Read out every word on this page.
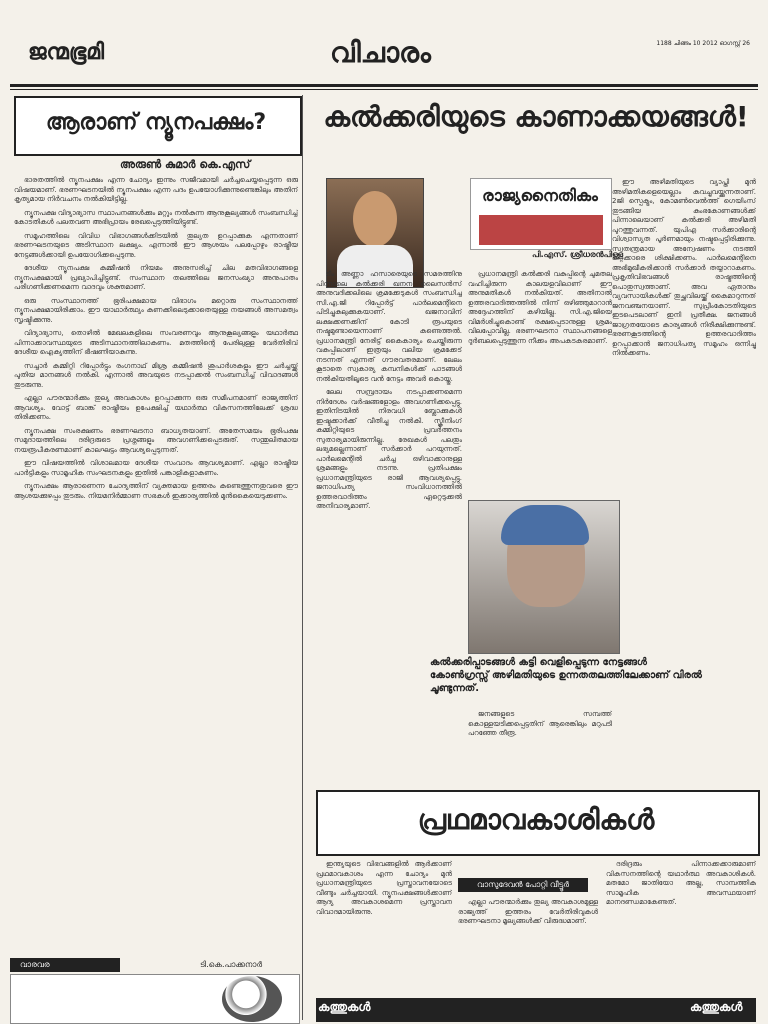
ജന്മഭൂമി	വിചാരം	1188 ചിങ്ങം 10 2012 ഓഗസ്റ്റ് 26
ആരാണ് ന്യൂനപക്ഷം?
അരുൺ കുമാർ കെ.എസ്

ഭാരതത്തിൽ ന്യൂനപക്ഷം എന്ന ചോദ്യം ഇന്നും സജീവമായി ചർച്ചചെയ്യപ്പെടുന്ന ഒരു വിഷയമാണ്. ഭരണഘടനയിൽ ന്യൂനപക്ഷം എന്ന പദം ഉപയോഗിക്കുന്നുണ്ടെങ്കിലും അതിന് കൃത്യമായ നിർവചനം നൽകിയിട്ടില്ല.

ന്യൂനപക്ഷ വിദ്യാഭ്യാസ സ്ഥാപനങ്ങൾക്കും മറ്റും നൽകുന്ന ആനുകൂല്യങ്ങൾ സംബന്ധിച്ച് കോടതികൾ പലതവണ അഭിപ്രായം രേഖപ്പെടുത്തിയിട്ടുണ്ട്.

സമൂഹത്തിലെ വിവിധ വിഭാഗങ്ങൾക്കിടയിൽ തുല്യത ഉറപ്പാക്കുക എന്നതാണ് ഭരണഘടനയുടെ അടിസ്ഥാന ലക്ഷ്യം. എന്നാൽ ഈ ആശയം പലപ്പോഴും രാഷ്ട്രീയ നേട്ടങ്ങൾക്കായി ഉപയോഗിക്കപ്പെടുന്നു.

ദേശീയ ന്യൂനപക്ഷ കമ്മീഷൻ നിയമം അനുസരിച്ച് ചില മതവിഭാഗങ്ങളെ ന്യൂനപക്ഷമായി പ്രഖ്യാപിച്ചിട്ടുണ്ട്. സംസ്ഥാന തലത്തിലെ ജനസംഖ്യാ അനുപാതം പരിഗണിക്കണമെന്ന വാദവും ശക്തമാണ്.

ഒരു സംസ്ഥാനത്ത് ഭൂരിപക്ഷമായ വിഭാഗം മറ്റൊരു സംസ്ഥാനത്ത് ന്യൂനപക്ഷമായിരിക്കാം. ഈ യാഥാർത്ഥ്യം കണക്കിലെടുക്കാതെയുള്ള നയങ്ങൾ അസമത്വം സൃഷ്ടിക്കുന്നു.

വിദ്യാഭ്യാസ, തൊഴിൽ മേഖലകളിലെ സംവരണവും ആനുകൂല്യങ്ങളും യഥാർത്ഥ പിന്നാക്കാവസ്ഥയുടെ അടിസ്ഥാനത്തിലാകണം. മതത്തിന്റെ പേരിലുള്ള വേർതിരിവ് ദേശീയ ഐക്യത്തിന് ഭീഷണിയാകുന്നു.

സച്ചാർ കമ്മിറ്റി റിപ്പോർട്ടും രംഗനാഥ് മിശ്ര കമ്മീഷൻ ശുപാർശകളും ഈ ചർച്ചയ്ക്ക് പുതിയ മാനങ്ങൾ നൽകി. എന്നാൽ അവയുടെ നടപ്പാക്കൽ സംബന്ധിച്ച് വിവാദങ്ങൾ തുടരുന്നു.

എല്ലാ പൗരന്മാർക്കും തുല്യ അവകാശം ഉറപ്പാക്കുന്ന ഒരു സമീപനമാണ് രാജ്യത്തിന് ആവശ്യം. വോട്ട് ബാങ്ക് രാഷ്ട്രീയം ഉപേക്ഷിച്ച് യഥാർത്ഥ വികസനത്തിലേക്ക് ശ്രദ്ധ തിരിക്കണം.

ന്യൂനപക്ഷ സംരക്ഷണം ഭരണഘടനാ ബാധ്യതയാണ്. അതേസമയം ഭൂരിപക്ഷ സമുദായത്തിലെ ദരിദ്രരുടെ പ്രശ്നങ്ങളും അവഗണിക്കപ്പെടരുത്. സന്തുലിതമായ നയരൂപീകരണമാണ് കാലഘട്ടം ആവശ്യപ്പെടുന്നത്.

ഈ വിഷയത്തിൽ വിശാലമായ ദേശീയ സംവാദം ആവശ്യമാണ്. എല്ലാ രാഷ്ട്രീയ പാർട്ടികളും സാമൂഹിക സംഘടനകളും ഇതിൽ പങ്കാളികളാകണം.

ന്യൂനപക്ഷം ആരാണെന്ന ചോദ്യത്തിന് വ്യക്തമായ ഉത്തരം കണ്ടെത്തുന്നതുവരെ ഈ ആശയക്കുഴപ്പം തുടരും. നിയമനിർമ്മാണ സഭകൾ ഇക്കാര്യത്തിൽ മുൻകൈയെടുക്കണം.

കൽക്കരിയുടെ കാണാക്കയങ്ങൾ!
രാജ്യനൈതികം
പി.എസ്. ശ്രീധരൻപിള്ള

ടീം അണ്ണാ ഹസാരെയുടെ സമരത്തിനു പിന്നാലെ കൽക്കരി ഖനന ലൈസൻസ് അനുവദിക്കലിലെ ക്രമക്കേടുകൾ സംബന്ധിച്ച സി.എ.ജി റിപ്പോർട്ട് പാർലമെന്റിനെ പിടിച്ചുകുലുക്കുകയാണ്. ഖജനാവിന് ലക്ഷക്കണക്കിന് കോടി രൂപയുടെ നഷ്ടമുണ്ടായെന്നാണ് കണ്ടെത്തൽ. പ്രധാനമന്ത്രി നേരിട്ട് കൈകാര്യം ചെയ്തിരുന്ന വകുപ്പിലാണ് ഇത്രയും വലിയ ക്രമക്കേട് നടന്നത് എന്നത് ഗൗരവതരമാണ്. ലേലം കൂടാതെ സ്വകാര്യ കമ്പനികൾക്ക് പാടങ്ങൾ നൽകിയതിലൂടെ വൻ നേട്ടം അവർ കൊയ്തു.

ലേല സമ്പ്രദായം നടപ്പാക്കണമെന്ന നിർദേശം വർഷങ്ങളോളം അവഗണിക്കപ്പെട്ടു. ഇതിനിടയിൽ നിരവധി ബ്ലോക്കുകൾ ഇഷ്ടക്കാർക്ക് വീതിച്ചു നൽകി. സ്ക്രീനിംഗ് കമ്മിറ്റിയുടെ പ്രവർത്തനം സുതാര്യമായിരുന്നില്ല. രേഖകൾ പലതും ലഭ്യമല്ലെന്നാണ് സർക്കാർ പറയുന്നത്. പാർലമെന്റിൽ ചർച്ച ഒഴിവാക്കാനുള്ള ശ്രമങ്ങളും നടന്നു. പ്രതിപക്ഷം പ്രധാനമന്ത്രിയുടെ രാജി ആവശ്യപ്പെട്ടു. ജനാധിപത്യ സംവിധാനത്തിൽ ഉത്തരവാദിത്തം ഏറ്റെടുക്കൽ അനിവാര്യമാണ്.

പ്രധാനമന്ത്രി കൽക്കരി വകുപ്പിന്റെ ചുമതല വഹിച്ചിരുന്ന കാലയളവിലാണ് ഈ അനുമതികൾ നൽകിയത്. അതിനാൽ ഉത്തരവാദിത്തത്തിൽ നിന്ന് ഒഴിഞ്ഞുമാറാൻ അദ്ദേഹത്തിന് കഴിയില്ല. സി.എ.ജിയെ വിമർശിച്ചുകൊണ്ട് രക്ഷപ്പെടാനുള്ള ശ്രമം വിലപ്പോവില്ല. ഭരണഘടനാ സ്ഥാപനങ്ങളെ ദുർബലപ്പെടുത്തുന്ന നീക്കം അപകടകരമാണ്.

കൽക്കരിപ്പാടങ്ങൾ കട്ടി വെളിപ്പെടുന്ന നേട്ടങ്ങൾ കോൺഗ്രസ്സ് അഴിമതിയുടെ ഉന്നതതലത്തിലേക്കാണ് വിരൽ ചൂണ്ടുന്നത്.

ജനങ്ങളുടെ സമ്പത്ത് കൊള്ളയടിക്കപ്പെട്ടതിന് ആരെങ്കിലും മറുപടി പറഞ്ഞേ തീരൂ.

ഈ അഴിമതിയുടെ വ്യാപ്തി മുൻ അഴിമതികളെയെല്ലാം കവച്ചുവയ്ക്കുന്നതാണ്. 2ജി സ്പെക്ട്രം, കോമൺവെൽത്ത് ഗെയിംസ് തുടങ്ങിയ കുംഭകോണങ്ങൾക്ക് പിന്നാലെയാണ് കൽക്കരി അഴിമതി പുറത്തുവന്നത്. യുപിഎ സർക്കാരിന്റെ വിശ്വാസ്യത പൂർണമായും നഷ്ടപ്പെട്ടിരിക്കുന്നു. സ്വതന്ത്രമായ അന്വേഷണം നടത്തി കുറ്റക്കാരെ ശിക്ഷിക്കണം. പാർലമെന്റിനെ അഭിമുഖീകരിക്കാൻ സർക്കാർ തയ്യാറാകണം. പ്രകൃതിവിഭവങ്ങൾ രാഷ്ട്രത്തിന്റെ പൊതുസ്വത്താണ്. അവ ഏതാനും വ്യവസായികൾക്ക് തുച്ഛവിലയ്ക്ക് കൈമാറുന്നത് ജനവഞ്ചനയാണ്. സുപ്രീംകോടതിയുടെ ഇടപെടലാണ് ഇനി പ്രതീക്ഷ. ജനങ്ങൾ ജാഗ്രതയോടെ കാര്യങ്ങൾ നിരീക്ഷിക്കുന്നുണ്ട്. ഭരണകൂടത്തിന്റെ ഉത്തരവാദിത്തം ഉറപ്പാക്കാൻ ജനാധിപത്യ സമൂഹം ഒന്നിച്ചു നിൽക്കണം.

പ്രഥമാവകാശികൾ

ഇന്ത്യയുടെ വിഭവങ്ങളിൽ ആർക്കാണ് പ്രഥമാവകാശം എന്ന ചോദ്യം മുൻ പ്രധാനമന്ത്രിയുടെ പ്രസ്താവനയോടെ വീണ്ടും ചർച്ചയായി. ന്യൂനപക്ഷങ്ങൾക്കാണ് ആദ്യ അവകാശമെന്ന പ്രസ്താവന വിവാദമായിരുന്നു.

വാസുദേവൻ പോറ്റി വീട്ടൂർ

എല്ലാ പൗരന്മാർക്കും തുല്യ അവകാശമുള്ള രാജ്യത്ത് ഇത്തരം വേർതിരിവുകൾ ഭരണഘടനാ മൂല്യങ്ങൾക്ക് വിരുദ്ധമാണ്.

ദരിദ്രരും പിന്നാക്കക്കാരുമാണ് വികസനത്തിന്റെ യഥാർത്ഥ അവകാശികൾ. മതമോ ജാതിയോ അല്ല, സാമ്പത്തിക സാമൂഹിക അവസ്ഥയാണ് മാനദണ്ഡമാകേണ്ടത്.

വാരവര	ടി.കെ.പാക്കനാർ
കത്തുകൾ	കത്തുകൾ
